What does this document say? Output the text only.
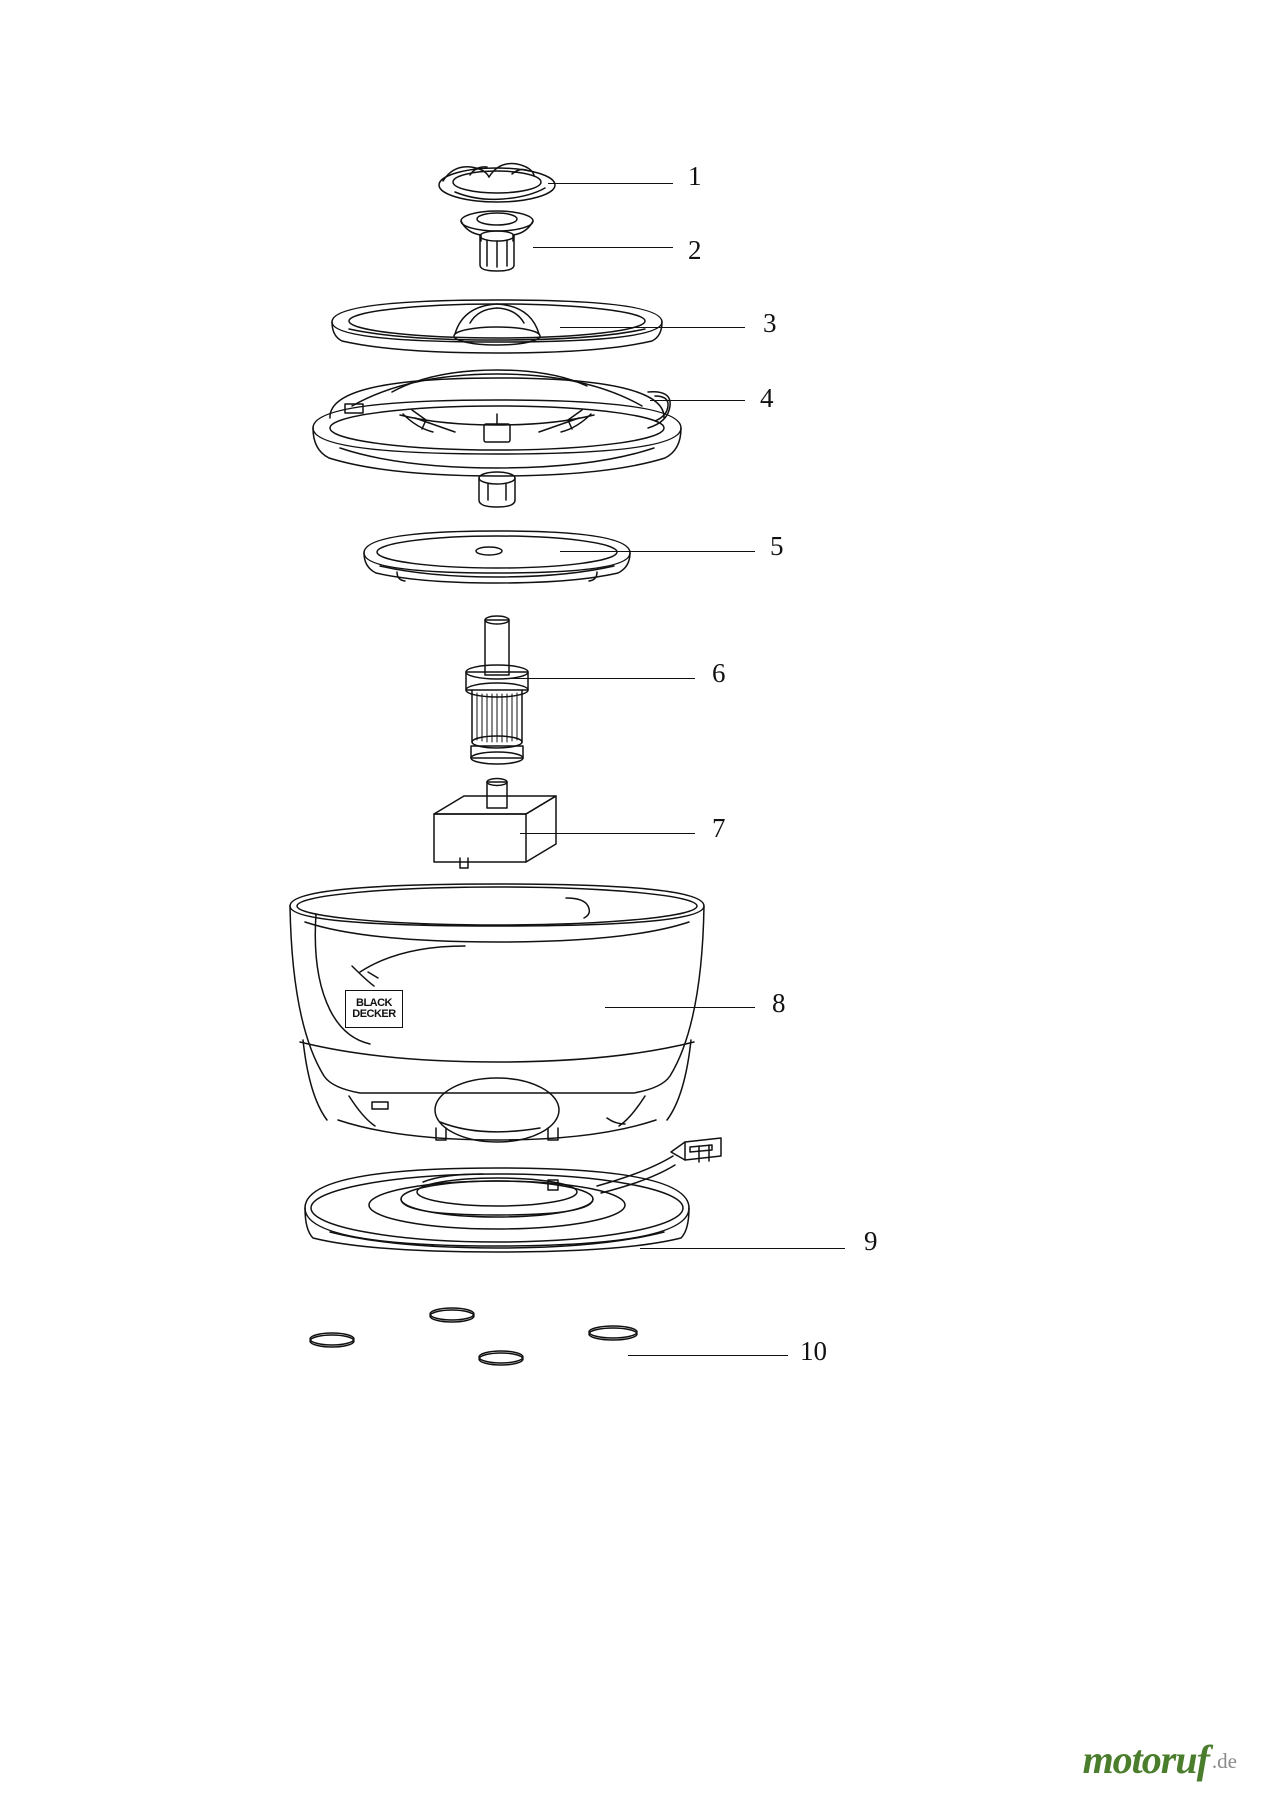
BLACK
DECKER
1
2
3
4
5
6
7
8
9
10
motoruf .de
